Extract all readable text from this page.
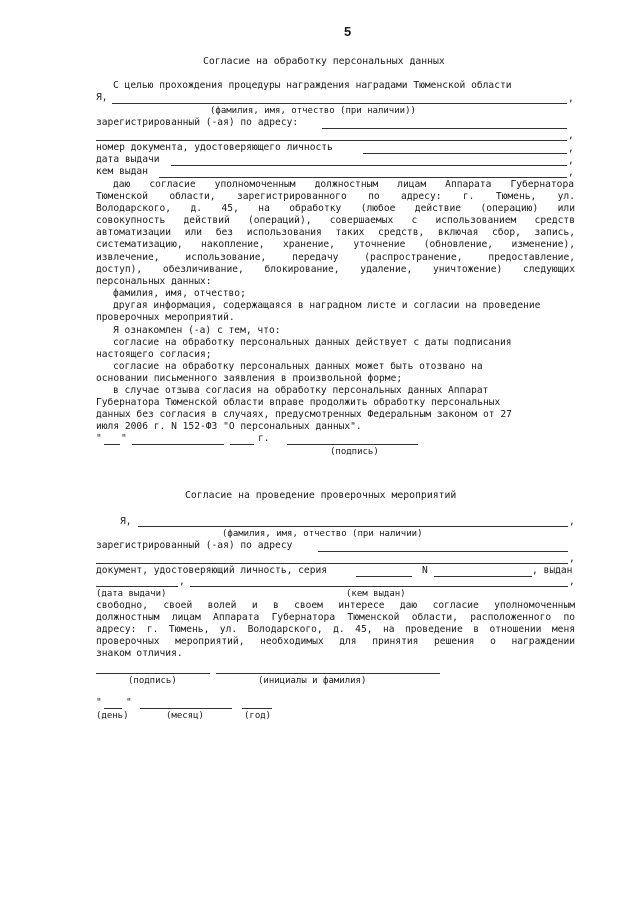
5
Согласие на обработку персональных данных
С целью прохождения процедуры награждения наградами Тюменской области
Я,	,
(фамилия, имя, отчество (при наличии))
зарегистрированный (-ая) по адресу:
,
номер документа, удостоверяющего личность	,
дата выдачи	,
кем выдан	,
даю согласие уполномоченным должностным лицам Аппарата Губернатора
Тюменской области, зарегистрированного по адресу: г. Тюмень, ул.
Володарского, д. 45, на обработку (любое действие (операцию) или
совокупность действий (операций), совершаемых с использованием средств
автоматизации или без использования таких средств, включая сбор, запись,
систематизацию, накопление, хранение, уточнение (обновление, изменение),
извлечение, использование, передачу (распространение, предоставление,
доступ), обезличивание, блокирование, удаление, уничтожение) следующих
персональных данных:
фамилия, имя, отчество;
другая информация, содержащаяся в наградном листе и согласии на проведение
проверочных мероприятий.
Я ознакомлен (-а) с тем, что:
согласие на обработку персональных данных действует с даты подписания
настоящего согласия;
согласие на обработку персональных данных может быть отозвано на
основании письменного заявления в произвольной форме;
в случае отзыва согласия на обработку персональных данных Аппарат
Губернатора Тюменской области вправе продолжить обработку персональных
данных без согласия в случаях, предусмотренных Федеральным законом от 27
июля 2006 г. N 152-ФЗ "О персональных данных".
" "	г.
(подпись)
Согласие на проведение проверочных мероприятий
Я,	,
(фамилия, имя, отчество (при наличии)
зарегистрированный (-ая) по адресу
,
документ, удостоверяющий личность, серия	N	, выдан
,	,
(дата выдачи)	(кем выдан)
свободно, своей волей и в своем интересе даю согласие уполномоченным
должностным лицам Аппарата Губернатора Тюменской области, расположенного по
адресу: г. Тюмень, ул. Володарского, д. 45, на проведение в отношении меня
проверочных мероприятий, необходимых для принятия решения о награждении
знаком отличия.
(подпись)	(инициалы и фамилия)
"	"
(день)	(месяц)	(год)
